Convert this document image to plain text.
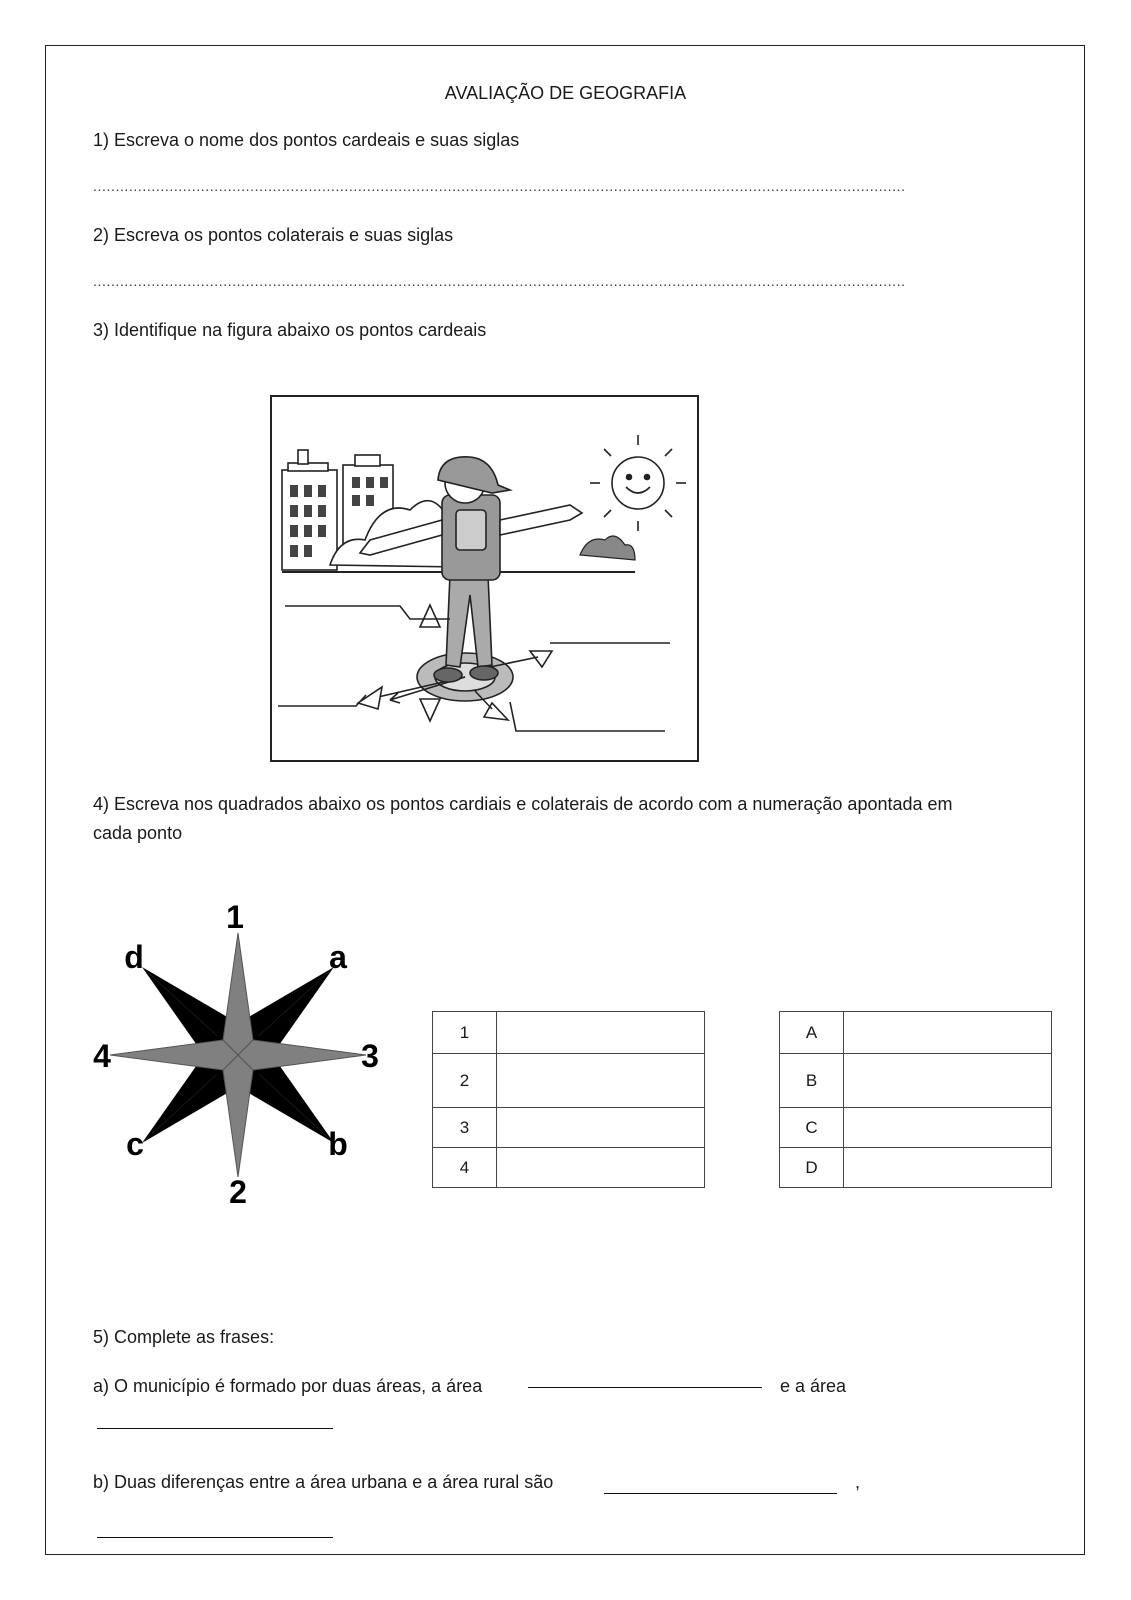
AVALIAÇÃO DE GEOGRAFIA
1) Escreva o nome dos pontos cardeais e suas siglas
.....................................................................................................................................................................................
2) Escreva os pontos colaterais e suas siglas
.....................................................................................................................................................................................
3) Identifique na figura abaixo os pontos cardeais
4) Escreva nos quadrados abaixo os pontos cardiais e colaterais de acordo com a numeração apontada em
cada ponto
1
2
3
4
a
b
c
d
1	
2	
3	
4	
A	
B	
C	
D	
5) Complete as frases:
a) O município é formado por duas áreas, a área	e a área
b) Duas diferenças entre a área urbana e a área rural são	,
